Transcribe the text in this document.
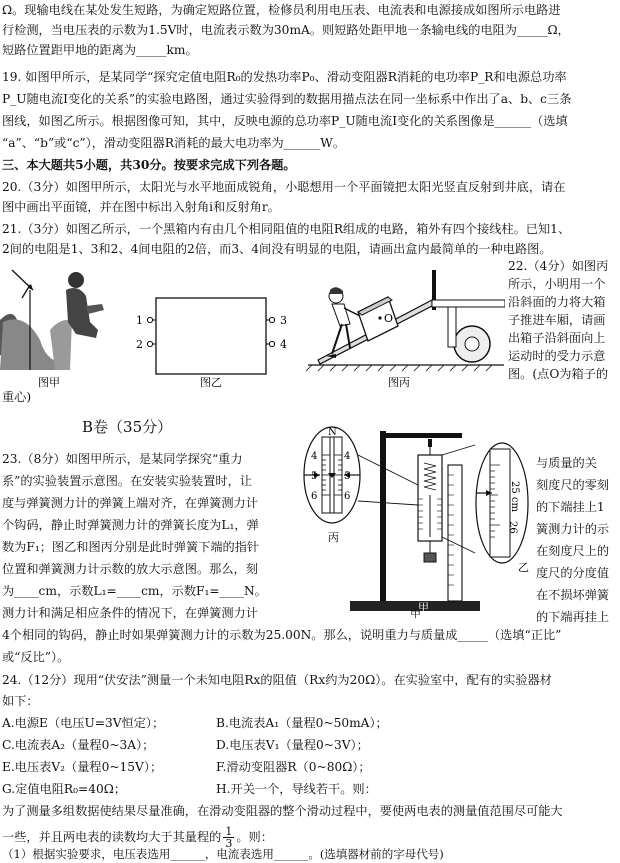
Ω。现输电线在某处发生短路，为确定短路位置，检修员利用电压表、电流表和电源接成如图所示电路进
行检测，当电压表的示数为1.5V时，电流表示数为30mA。则短路处距甲地一条输电线的电阻为_____Ω，
短路位置距甲地的距离为_____km。
19. 如图甲所示，是某同学“探究定值电阻R₀的发热功率P₀、滑动变阻器R消耗的电功率P_R和电源总功率
P_U随电流I变化的关系”的实验电路图，通过实验得到的数据用描点法在同一坐标系中作出了a、b、c三条
图线，如图乙所示。根据图像可知，其中，反映电源的总功率P_U随电流I变化的关系图像是______（选填
“a”、“b”或“c”），滑动变阻器R消耗的最大电功率为______W。
三、本大题共5小题，共30分。按要求完成下列各题。
20.（3分）如图甲所示，太阳光与水平地面成锐角，小聪想用一个平面镜把太阳光竖直反射到井底，请在
图中画出平面镜，并在图中标出入射角i和反射角r。
21.（3分）如图乙所示，一个黑箱内有由几个相同阻值的电阻R组成的电路，箱外有四个接线柱。已知1、
2间的电阻是1、3和2、4间电阻的2倍，而3、4间没有明显的电阻，请画出盒内最简单的一种电路图。
图甲
1
2
3
4
图乙
O
图丙
22.（4分）如图丙
所示，小明用一个
沿斜面的力将大箱
子推进车厢，请画
出箱子沿斜面向上
运动时的受力示意
图。(点O为箱子的
重心)
B卷（35分）
23.（8分）如图甲所示，是某同学探究“重力
系”的实验装置示意图。在安装实验装置时，让
度与弹簧测力计的弹簧上端对齐，在弹簧测力计
个钩码，静止时弹簧测力计的弹簧长度为L₁，弹
数为F₁；图乙和图丙分别是此时弹簧下端的指针
位置和弹簧测力计示数的放大示意图。那么，刻
为____cm，示数L₁=____cm，示数F₁=____N。
测力计和满足相应条件的情况下，在弹簧测力计
4个相同的钩码，静止时如果弹簧测力计的示数为25.00N。那么，说明重力与质量成_____（选填“正比”
或“反比”）。
与质量的关
刻度尺的零刻
的下端挂上1
簧测力计的示
在刻度尺上的
度尺的分度值
在不损坏弹簧
的下端再挂上
N
4
5
6
4
5
6
丙
甲
25 cm
26
乙
甲
24.（12分）现用“伏安法”测量一个未知电阻Rx的阻值（Rx约为20Ω）。在实验室中，配有的实验器材
如下：
A.电源E（电压U=3V恒定）；	B.电流表A₁（量程0~50mA）；
C.电流表A₂（量程0~3A）；	D.电压表V₁（量程0~3V）；
E.电压表V₂（量程0~15V）；	F.滑动变阻器R（0~80Ω）；
G.定值电阻R₀=40Ω；	H.开关一个，导线若干。则：
为了测量多组数据使结果尽量准确，在滑动变阻器的整个滑动过程中，要使两电表的测量值范围尽可能大
一些，并且两电表的读数均大于其量程的 $\frac{1}{3}$ 。则：
（1）根据实验要求，电压表选用______，电流表选用______。(选填器材前的字母代号)
